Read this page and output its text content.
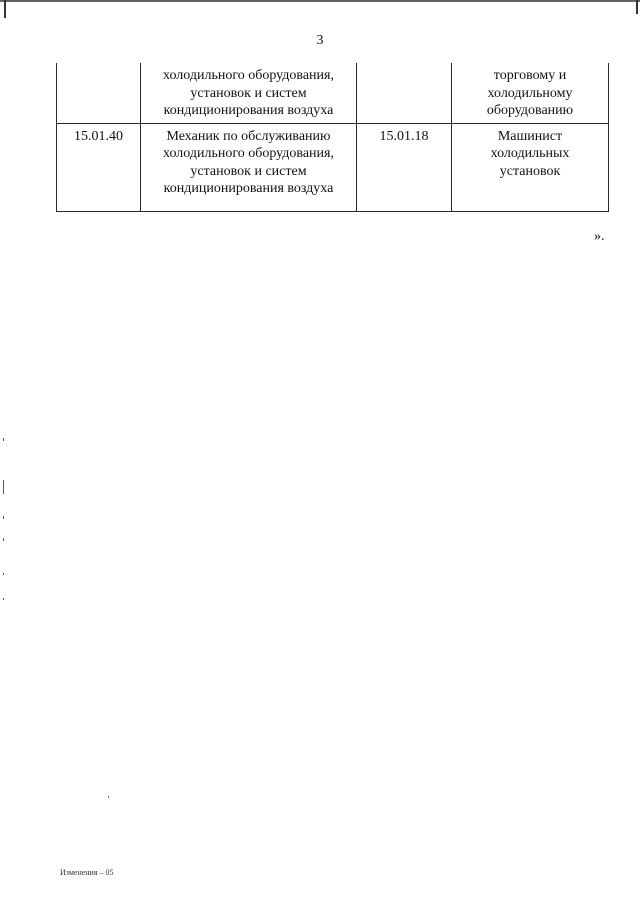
3

	холодильного оборудования,
установок и систем
кондиционирования воздуха		торговому и
холодильному
оборудованию

15.01.40	Механик по обслуживанию
холодильного оборудования,
установок и систем
кондиционирования воздуха	15.01.18	Машинист
холодильных
установок
».
Изменения – 05
